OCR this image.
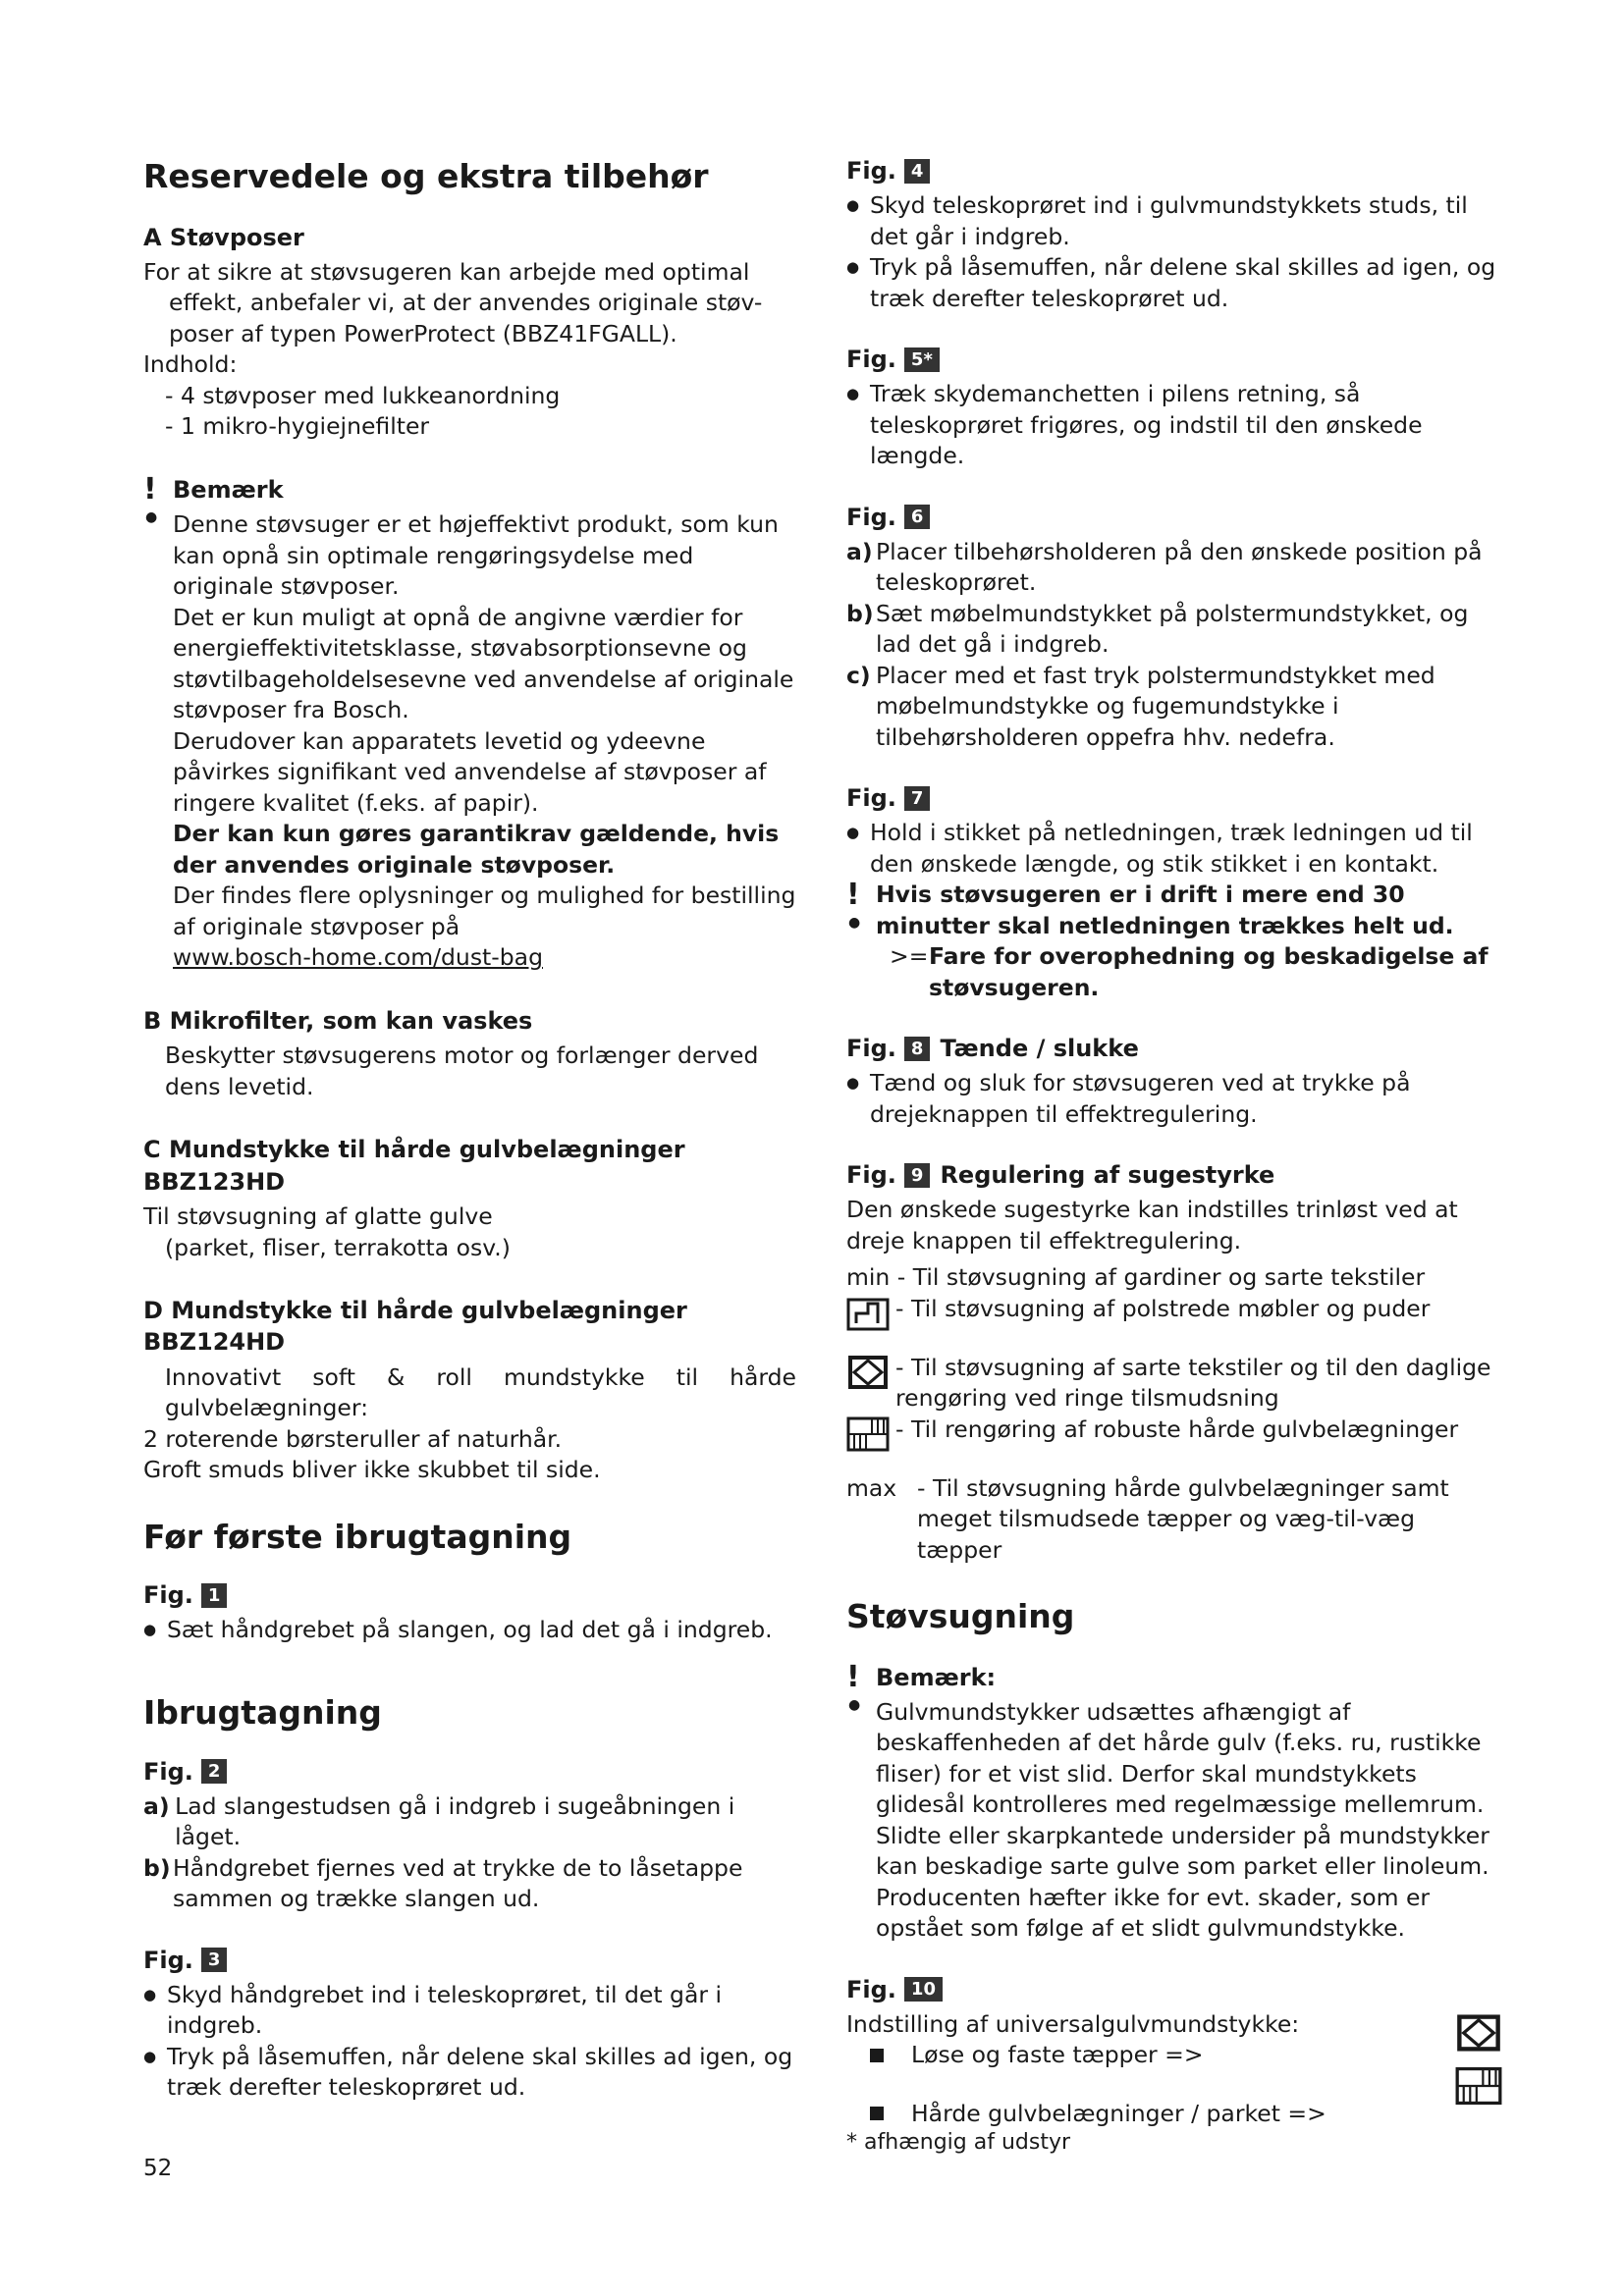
Reservedele og ekstra tilbehør
A Støvposer

For at sikre at støvsugeren kan arbejde med optimal effekt, anbefaler vi, at der anvendes originale støv-poser af typen PowerProtect (BBZ41FGALL).

Indhold:

- 4 støvposer med lukkeanordning

- 1 mikro-hygiejnefilter

!
●
Bemærk

Denne støvsuger er et højeffektivt produkt, som kun kan opnå sin optimale rengøringsydelse med originale støvposer.

Det er kun muligt at opnå de angivne værdier for energieffektivitetsklasse, støvabsorptionsevne og støvtilbageholdelsesevne ved anvendelse af originale støvposer fra Bosch.

Derudover kan apparatets levetid og ydeevne påvirkes signifikant ved anvendelse af støvposer af ringere kvalitet (f.eks. af papir).

Der kan kun gøres garantikrav gældende, hvis der anvendes originale støvposer.

Der findes flere oplysninger og mulighed for bestilling af originale støvposer på

www.bosch-home.com/dust-bag

B Mikrofilter, som kan vaskes

Beskytter støvsugerens motor og forlænger derved dens levetid.

C Mundstykke til hårde gulvbelægninger BBZ123HD

Til støvsugning af glatte gulve

(parket, fliser, terrakotta osv.)

D Mundstykke til hårde gulvbelægninger BBZ124HD

Innovativt soft & roll mundstykke til hårde gulvbelægninger:

2 roterende børsteruller af naturhår.

Groft smuds bliver ikke skubbet til side.

Før første ibrugtagning
Fig. 1

● Sæt håndgrebet på slangen, og lad det gå i indgreb.

Ibrugtagning
Fig. 2
a) Lad slangestudsen gå i indgreb i sugeåbningen i låget.
b) Håndgrebet fjernes ved at trykke de to låsetappe sammen og trække slangen ud.
Fig. 3

● Skyd håndgrebet ind i teleskoprøret, til det går i indgreb.

● Tryk på låsemuffen, når delene skal skilles ad igen, og træk derefter teleskoprøret ud.

Fig. 4

● Skyd teleskoprøret ind i gulvmundstykkets studs, til det går i indgreb.

● Tryk på låsemuffen, når delene skal skilles ad igen, og træk derefter teleskoprøret ud.

Fig. 5*

● Træk skydemanchetten i pilens retning, så teleskoprøret frigøres, og indstil til den ønskede længde.

Fig. 6
a) Placer tilbehørsholderen på den ønskede position på teleskoprøret.
b) Sæt møbelmundstykket på polstermundstykket, og lad det gå i indgreb.
c) Placer med et fast tryk polstermundstykket med møbelmundstykke og fugemundstykke i tilbehørsholderen oppefra hhv. nedefra.
Fig. 7

● Hold i stikket på netledningen, træk ledningen ud til den ønskede længde, og stik stikket i en kontakt.

!
●

Hvis støvsugeren er i drift i mere end 30 minutter skal netledningen trækkes helt ud.

>= Fare for overophedning og beskadigelse af støvsugeren.
Fig. 8 Tænde / slukke

● Tænd og sluk for støvsugeren ved at trykke på drejeknappen til effektregulering.

Fig. 9 Regulering af sugestyrke

Den ønskede sugestyrke kan indstilles trinløst ved at dreje knappen til effektregulering.

min - Til støvsugning af gardiner og sarte tekstiler

- Til støvsugning af polstrede møbler og puder
- Til støvsugning af sarte tekstiler og til den daglige rengøring ved ringe tilsmudsning
- Til rengøring af robuste hårde gulvbelægninger
max - Til støvsugning hårde gulvbelægninger samt meget tilsmudsede tæpper og væg-til-væg tæpper
Støvsugning
!
●
Bemærk:

Gulvmundstykker udsættes afhængigt af beskaffenheden af det hårde gulv (f.eks. ru, rustikke fliser) for et vist slid. Derfor skal mundstykkets glidesål kontrolleres med regelmæssige mellemrum. Slidte eller skarpkantede undersider på mundstykker kan beskadige sarte gulve som parket eller linoleum. Producenten hæfter ikke for evt. skader, som er opstået som følge af et slidt gulvmundstykke.

Fig. 10

Indstilling af universalgulvmundstykke:

Løse og faste tæpper =>

Hårde gulvbelægninger / parket =>

52
* afhængig af udstyr
